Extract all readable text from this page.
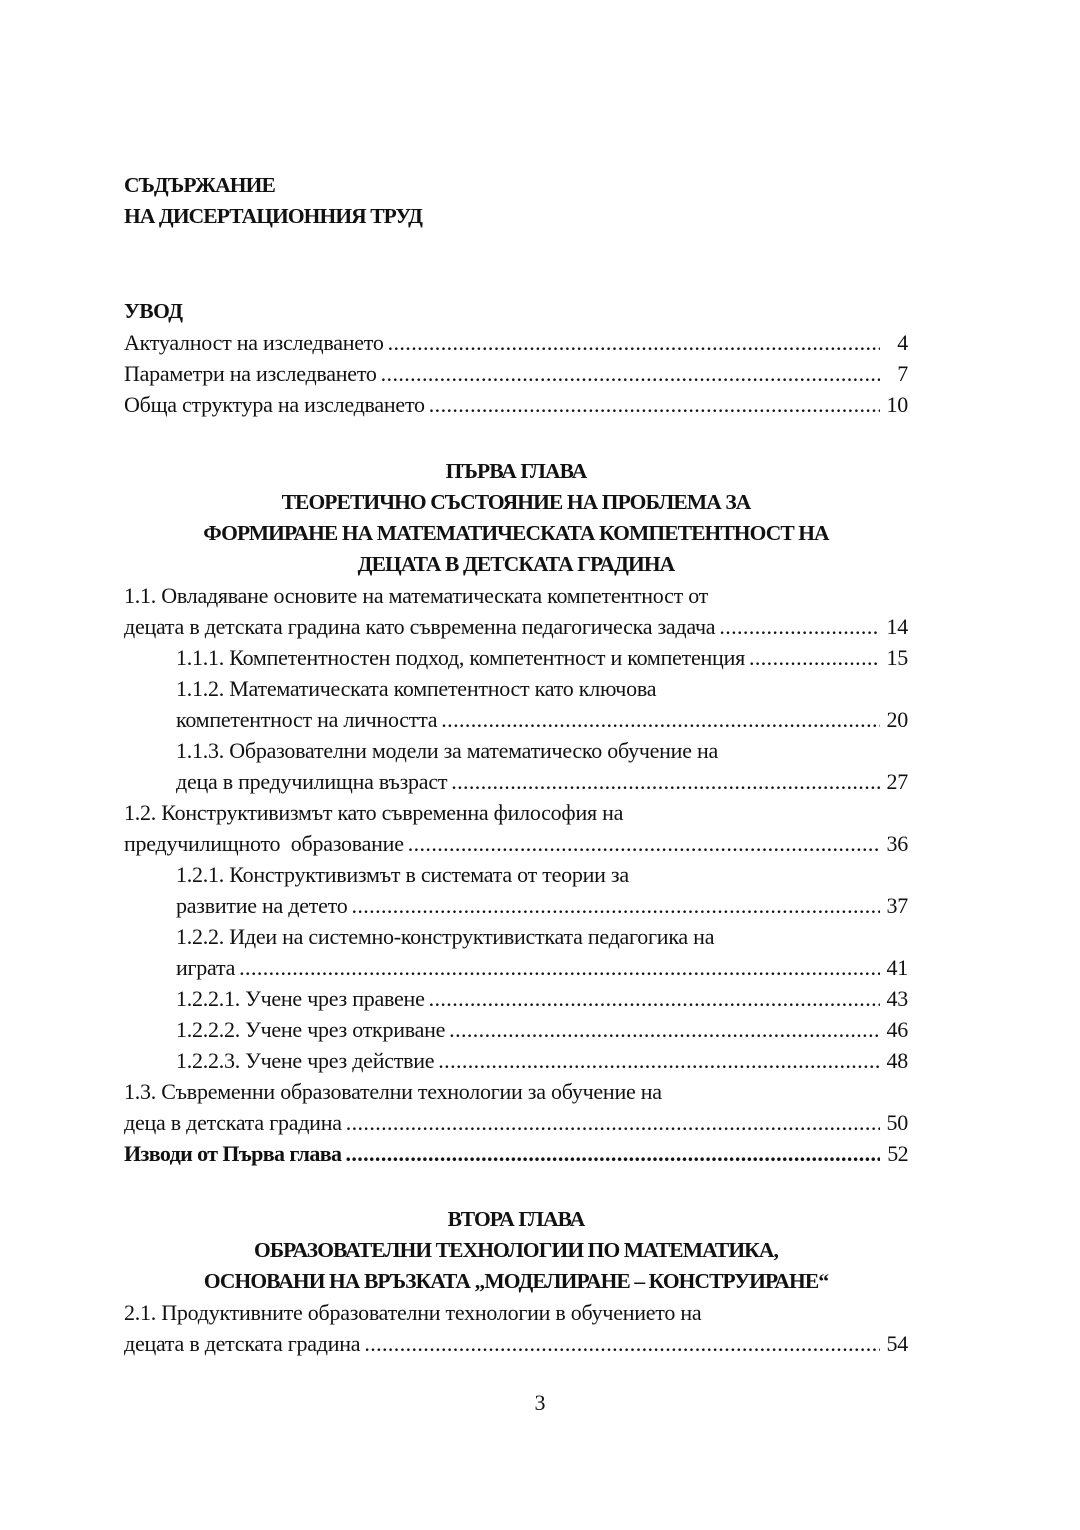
СЪДЪРЖАНИЕ
НА ДИСЕРТАЦИОННИЯ ТРУД
УВОД
Актуалност на изследването .....	4
Параметри на изследването .....	7
Обща структура на изследването .....	10
ПЪРВА ГЛАВА
ТЕОРЕТИЧНО СЪСТОЯНИЕ НА ПРОБЛЕМА ЗА
ФОРМИРАНЕ НА МАТЕМАТИЧЕСКАТА КОМПЕТЕНТНОСТ НА
ДЕЦАТА В ДЕТСКАТА ГРАДИНА
1.1. Овладяване основите на математическата компетентност от
децата в детската градина като съвременна педагогическа задача .....	14
1.1.1. Компетентностен подход, компетентност и компетенция .....	15
1.1.2. Математическата компетентност като ключова
компетентност на личността .....	20
1.1.3. Образователни модели за математическо обучение на
деца в предучилищна възраст .....	27
1.2. Конструктивизмът като съвременна философия на
предучилищното  образование .....	36
1.2.1. Конструктивизмът в системата от теории за
развитие на детето .....	37
1.2.2. Идеи на системно-конструктивистката педагогика на
играта .....	41
1.2.2.1. Учене чрез правене .....	43
1.2.2.2. Учене чрез откриване .....	46
1.2.2.3. Учене чрез действие .....	48
1.3. Съвременни образователни технологии за обучение на
деца в детската градина .....	50
Изводи от Първа глава .....	52
ВТОРА ГЛАВА
ОБРАЗОВАТЕЛНИ ТЕХНОЛОГИИ ПО МАТЕМАТИКА,
ОСНОВАНИ НА ВРЪЗКАТА „МОДЕЛИРАНЕ – КОНСТРУИРАНЕ“
2.1. Продуктивните образователни технологии в обучението на
децата в детската градина .....	54
3
